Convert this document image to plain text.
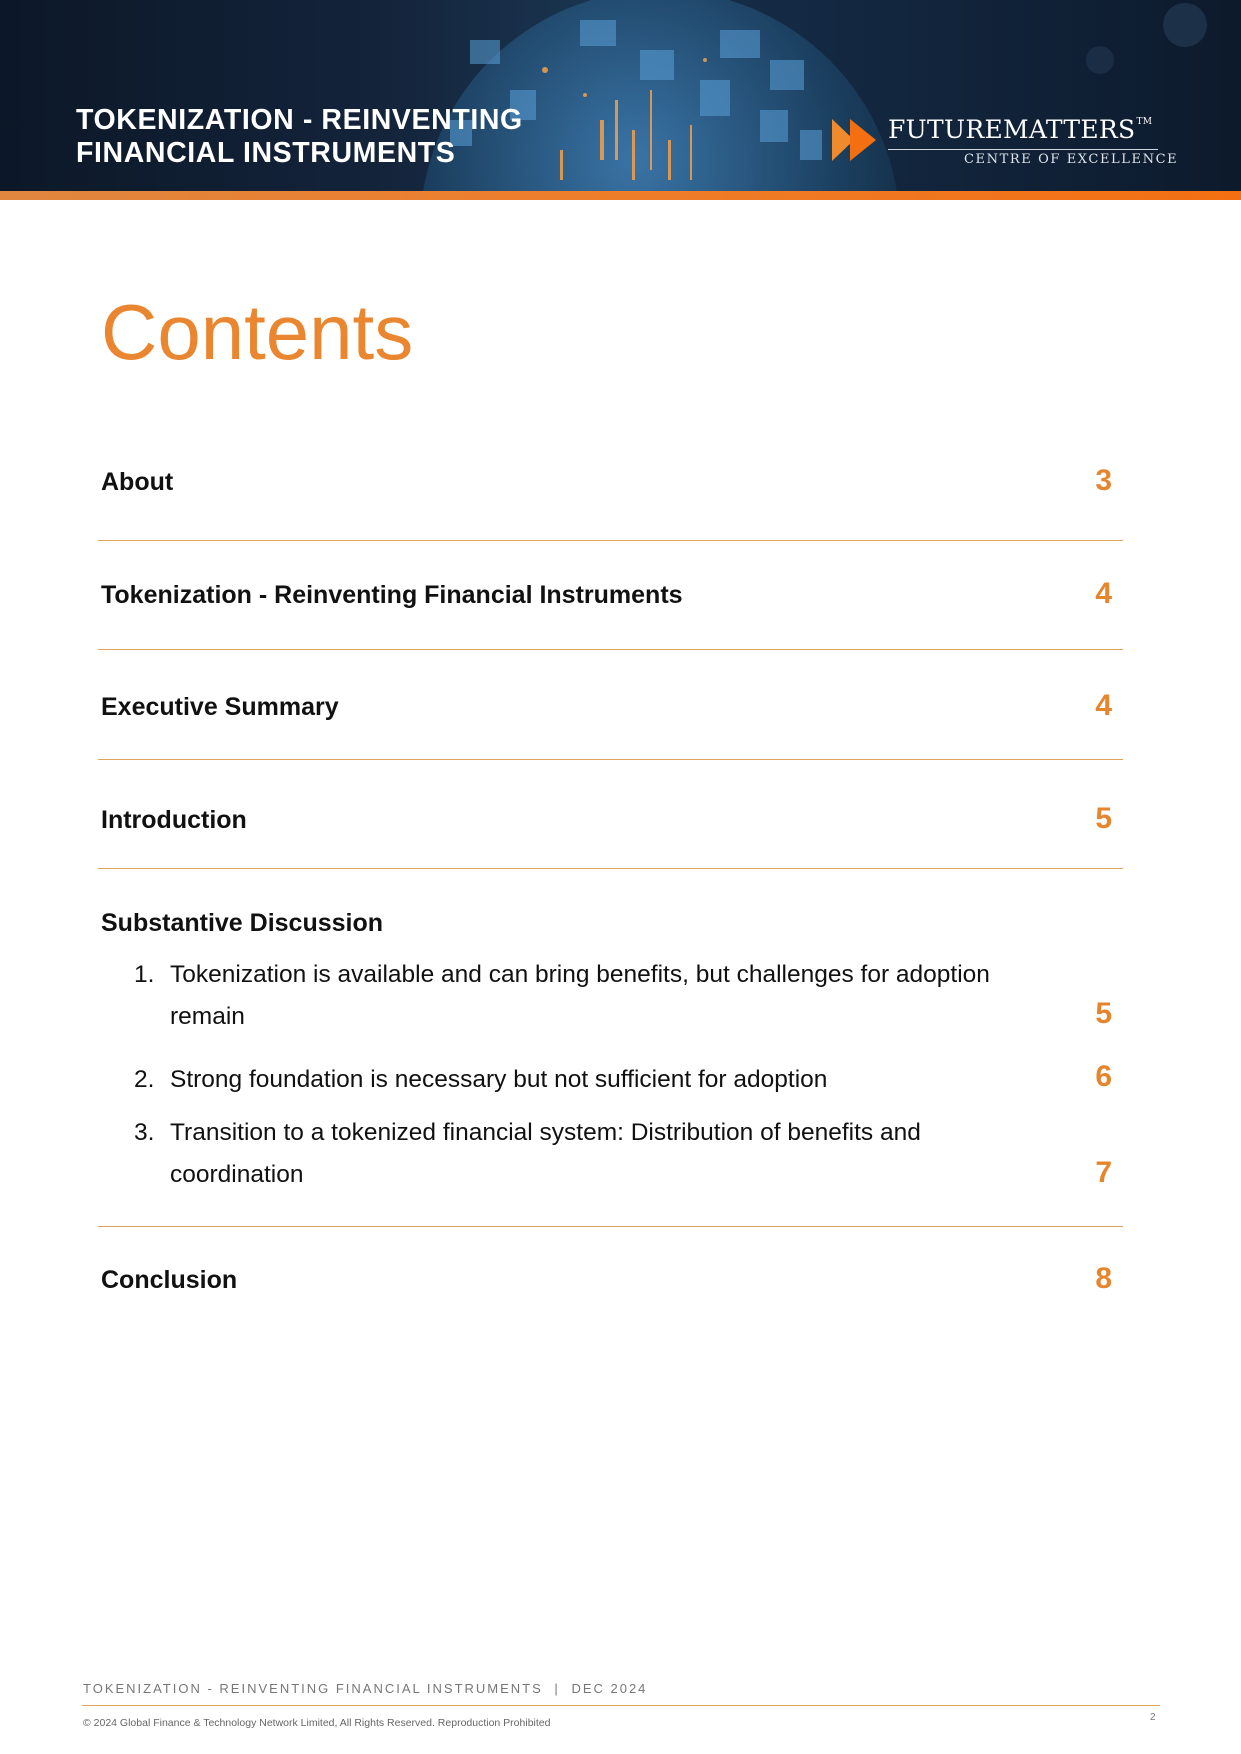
TOKENIZATION - REINVENTING
FINANCIAL INSTRUMENTS
FUTUREMATTERS™
CENTRE OF EXCELLENCE
Contents
About	3
Tokenization - Reinventing Financial Instruments	4
Executive Summary	4
Introduction	5
Substantive Discussion
1. Tokenization is available and can bring benefits, but challenges for adoption remain	5
2. Strong foundation is necessary but not sufficient for adoption	6
3. Transition to a tokenized financial system: Distribution of benefits and coordination	7
Conclusion	8
TOKENIZATION - REINVENTING FINANCIAL INSTRUMENTS | DEC 2024
© 2024 Global Finance & Technology Network Limited, All Rights Reserved. Reproduction Prohibited	2
